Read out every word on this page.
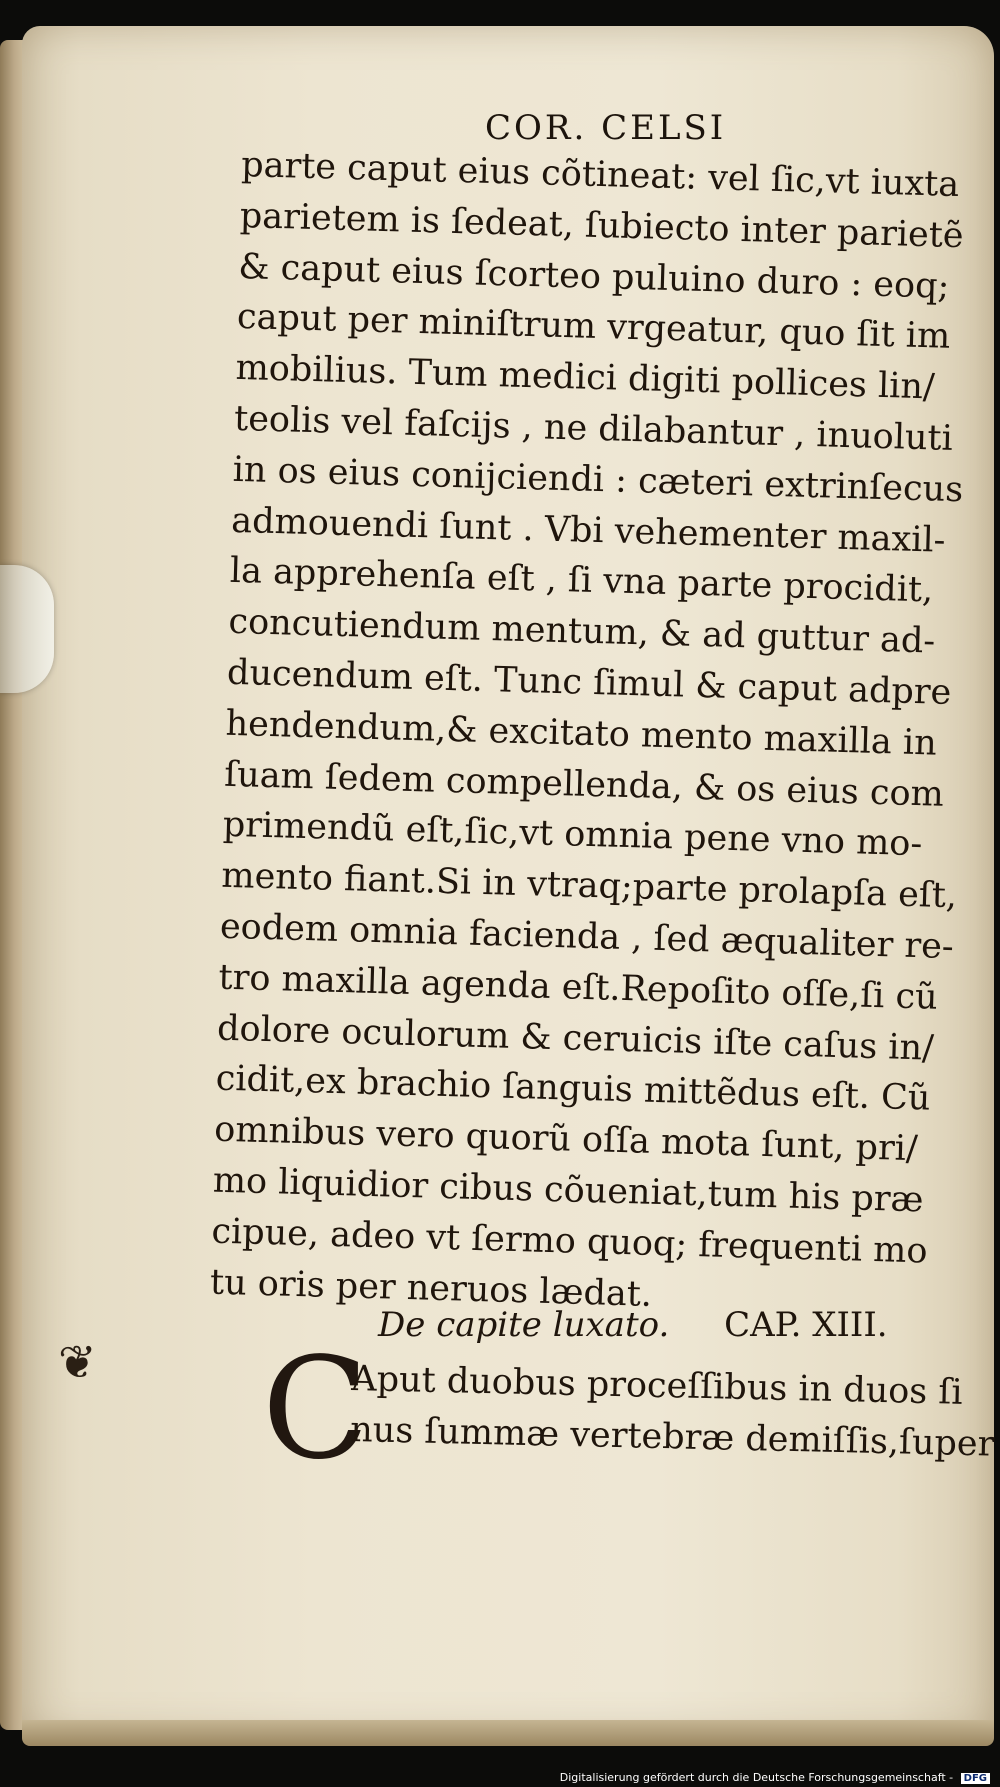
COR. CELSI
parte caput eius cõtineat: vel ſic,vt iuxta
parietem is ſedeat, ſubiecto inter parietẽ
& caput eius ſcorteo puluino duro : eoq;
caput per miniſtrum vrgeatur, quo ſit im
mobilius. Tum medici digiti pollices lin/
teolis vel faſcijs , ne dilabantur , inuoluti
in os eius conijciendi : cæteri extrinſecus
admouendi ſunt . Vbi vehementer maxil-
la apprehenſa eſt , ſi vna parte procidit,
concutiendum mentum, & ad guttur ad-
ducendum eſt. Tunc ſimul & caput adpre
hendendum,& excitato mento maxilla in
ſuam ſedem compellenda, & os eius com
primendũ eſt,ſic,vt omnia pene vno mo-
mento fiant.Si in vtraq;parte prolapſa eſt,
eodem omnia facienda , ſed æqualiter re-
tro maxilla agenda eſt.Repoſito oſſe,ſi cũ
dolore oculorum & ceruicis iſte caſus in/
cidit,ex brachio ſanguis mittẽdus eſt. Cũ
omnibus vero quorũ oſſa mota ſunt, pri/
mo liquidior cibus cõueniat,tum his præ
cipue, adeo vt ſermo quoq; frequenti mo
tu oris per neruos lædat.
De capite luxato. CAP. XIII.
C
Aput duobus proceſſibus in duos ſi
nus ſummæ vertebræ demiſſis,ſuper
❦
Digitalisierung gefördert durch die Deutsche Forschungsgemeinschaft - DFG
